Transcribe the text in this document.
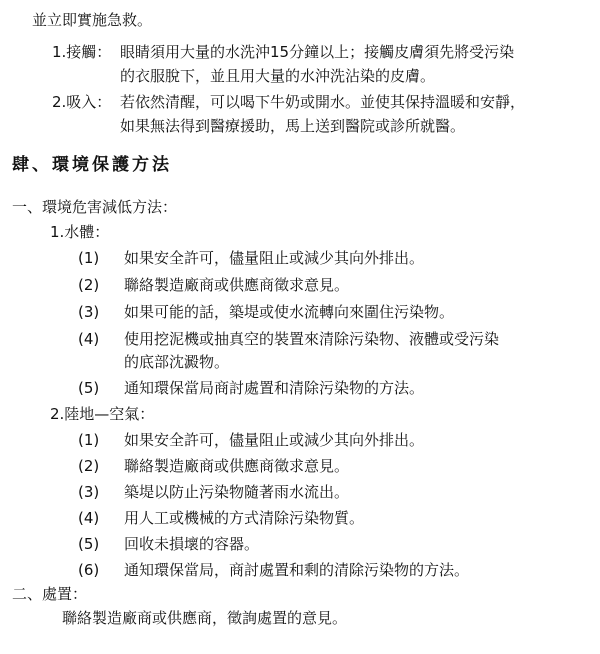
並立即實施急救。
1.接觸： 眼睛須用大量的水洗沖15分鐘以上；接觸皮膚須先將受污染
的衣服脫下，並且用大量的水沖洗沾染的皮膚。
2.吸入： 若依然清醒，可以喝下牛奶或開水。並使其保持溫暖和安靜，
如果無法得到醫療援助，馬上送到醫院或診所就醫。
肆、環境保護方法
一、環境危害減低方法：
1.水體：
(1) 如果安全許可，儘量阻止或減少其向外排出。
(2) 聯絡製造廠商或供應商徵求意見。
(3) 如果可能的話，築堤或使水流轉向來圍住污染物。
(4) 使用挖泥機或抽真空的裝置來清除污染物、液體或受污染
的底部沈澱物。
(5) 通知環保當局商討處置和清除污染物的方法。
2.陸地—空氣：
(1) 如果安全許可，儘量阻止或減少其向外排出。
(2) 聯絡製造廠商或供應商徵求意見。
(3) 築堤以防止污染物隨著雨水流出。
(4) 用人工或機械的方式清除污染物質。
(5) 回收未損壞的容器。
(6) 通知環保當局，商討處置和剩的清除污染物的方法。
二、處置：
聯絡製造廠商或供應商，徵詢處置的意見。
